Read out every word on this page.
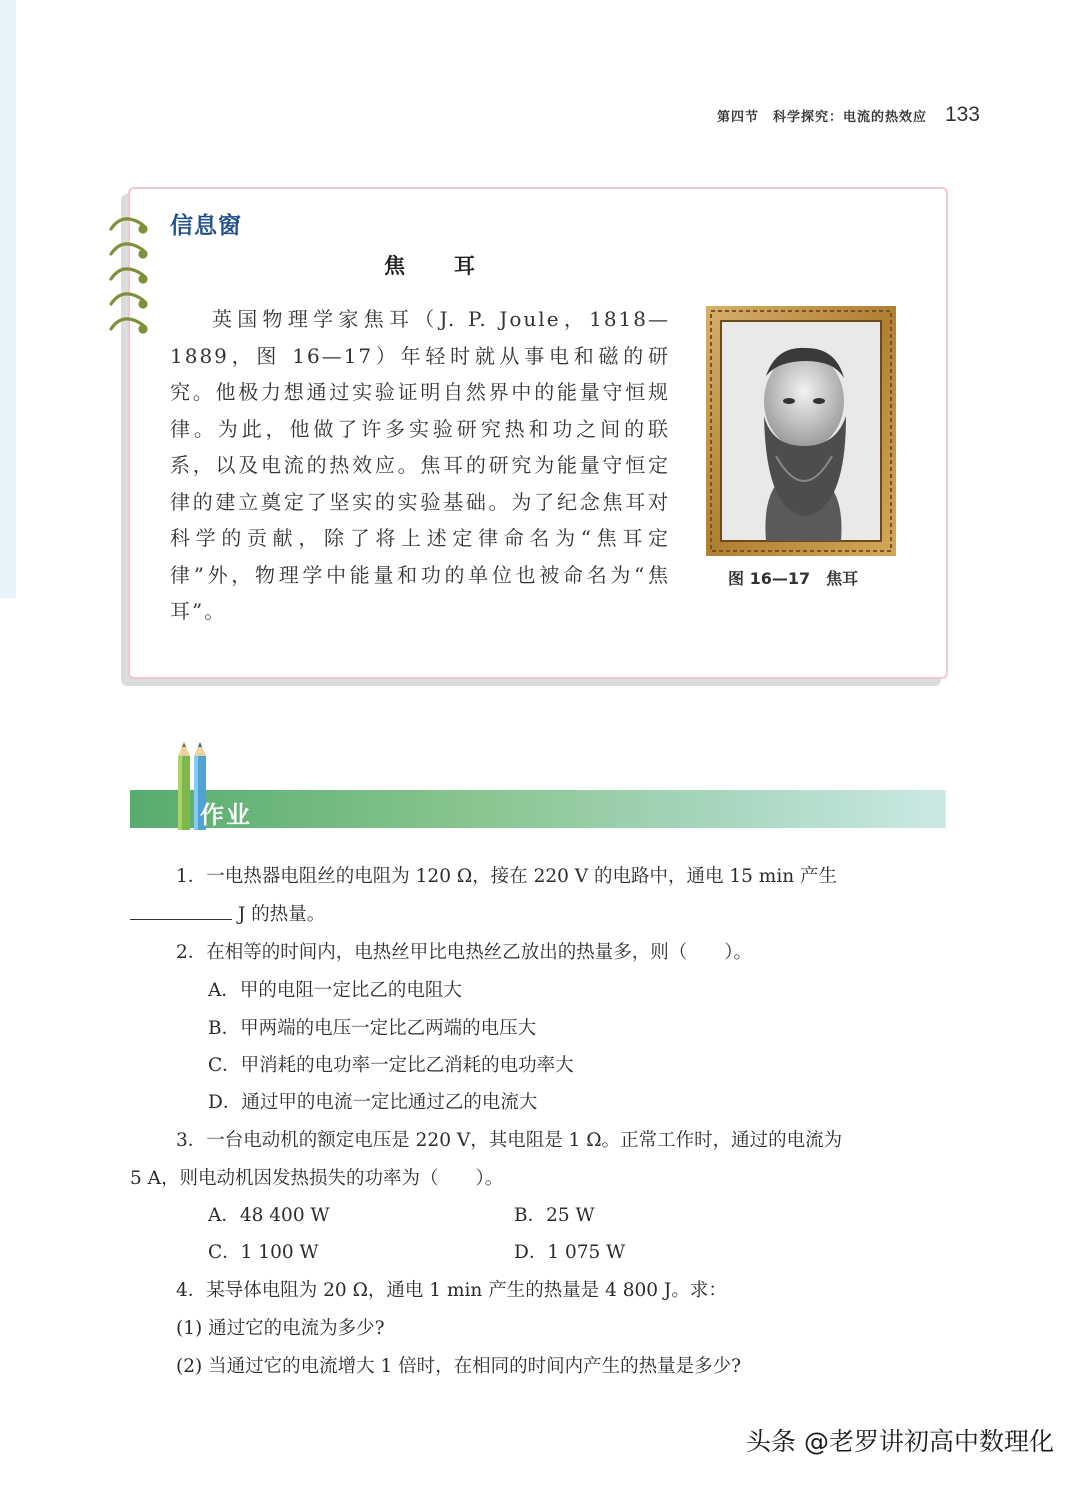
第四节　科学探究：电流的热效应 133
信息窗
焦　耳

英国物理学家焦耳（J. P. Joule，1818—1889，图 16—17）年轻时就从事电和磁的研究。他极力想通过实验证明自然界中的能量守恒规律。为此，他做了许多实验研究热和功之间的联系，以及电流的热效应。焦耳的研究为能量守恒定律的建立奠定了坚实的实验基础。为了纪念焦耳对科学的贡献，除了将上述定律命名为“焦耳定律”外，物理学中能量和功的单位也被命名为“焦耳”。

图 16—17 焦耳
作业
1．一电热器电阻丝的电阻为 120 Ω，接在 220 V 的电路中，通电 15 min 产生
J 的热量。
2．在相等的时间内，电热丝甲比电热丝乙放出的热量多，则（　　）。
A．甲的电阻一定比乙的电阻大
B．甲两端的电压一定比乙两端的电压大
C．甲消耗的电功率一定比乙消耗的电功率大
D．通过甲的电流一定比通过乙的电流大
3．一台电动机的额定电压是 220 V，其电阻是 1 Ω。正常工作时，通过的电流为
5 A，则电动机因发热损失的功率为（　　）。
A．48 400 W	B．25 W
C．1 100 W	D．1 075 W
4．某导体电阻为 20 Ω，通电 1 min 产生的热量是 4 800 J。求：
(1) 通过它的电流为多少?
(2) 当通过它的电流增大 1 倍时，在相同的时间内产生的热量是多少?
头条 @老罗讲初高中数理化
